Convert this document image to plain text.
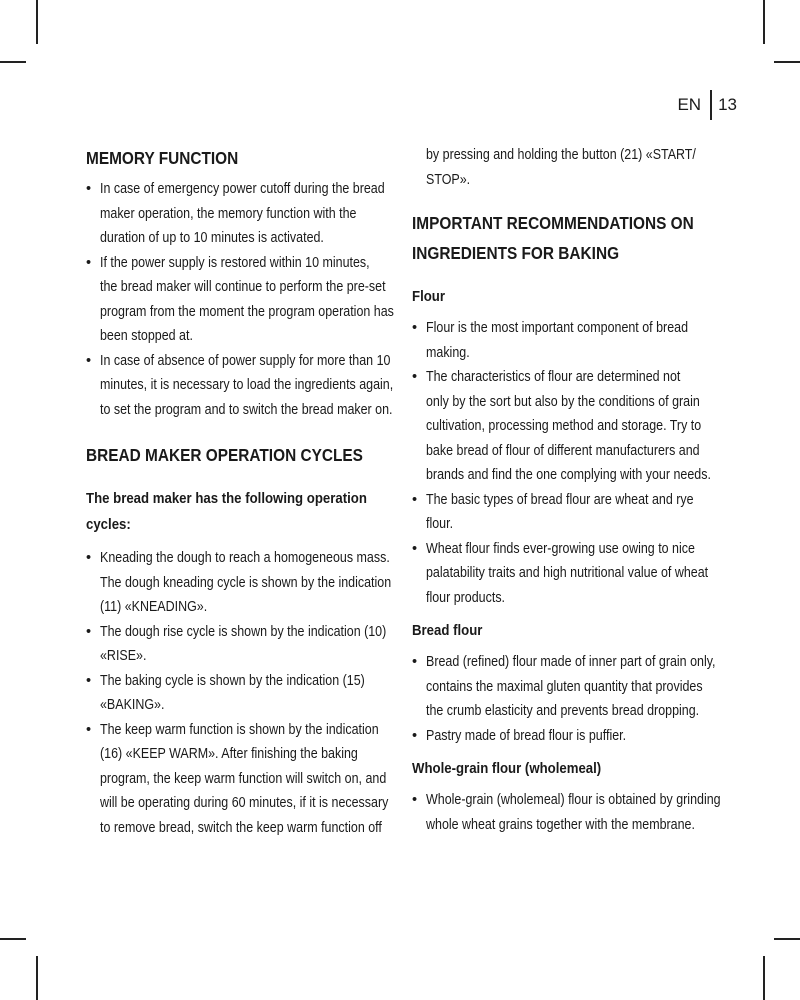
EN	13
MEMORY FUNCTION
• In case of emergency power cutoff during the bread
maker operation, the memory function with the
duration of up to 10 minutes is activated.
• If the power supply is restored within 10 minutes,
the bread maker will continue to perform the pre-set
program from the moment the program operation has
been stopped at.
• In case of absence of power supply for more than 10
minutes, it is necessary to load the ingredients again,
to set the program and to switch the bread maker on.
BREAD MAKER OPERATION CYCLES
The bread maker has the following operation
cycles:
• Kneading the dough to reach a homogeneous mass.
The dough kneading cycle is shown by the indication
(11) «KNEADING».
• The dough rise cycle is shown by the indication (10)
«RISE».
• The baking cycle is shown by the indication (15)
«BAKING».
• The keep warm function is shown by the indication
(16) «KEEP WARM». After finishing the baking
program, the keep warm function will switch on, and
will be operating during 60 minutes, if it is necessary
to remove bread, switch the keep warm function off
by pressing and holding the button (21) «START/
STOP».
IMPORTANT RECOMMENDATIONS ON
INGREDIENTS FOR BAKING
Flour
• Flour is the most important component of bread
making.
• The characteristics of flour are determined not
only by the sort but also by the conditions of grain
cultivation, processing method and storage. Try to
bake bread of flour of different manufacturers and
brands and find the one complying with your needs.
• The basic types of bread flour are wheat and rye
flour.
• Wheat flour finds ever-growing use owing to nice
palatability traits and high nutritional value of wheat
flour products.
Bread flour
• Bread (refined) flour made of inner part of grain only,
contains the maximal gluten quantity that provides
the crumb elasticity and prevents bread dropping.
• Pastry made of bread flour is puffier.
Whole-grain flour (wholemeal)
• Whole-grain (wholemeal) flour is obtained by grinding
whole wheat grains together with the membrane.
